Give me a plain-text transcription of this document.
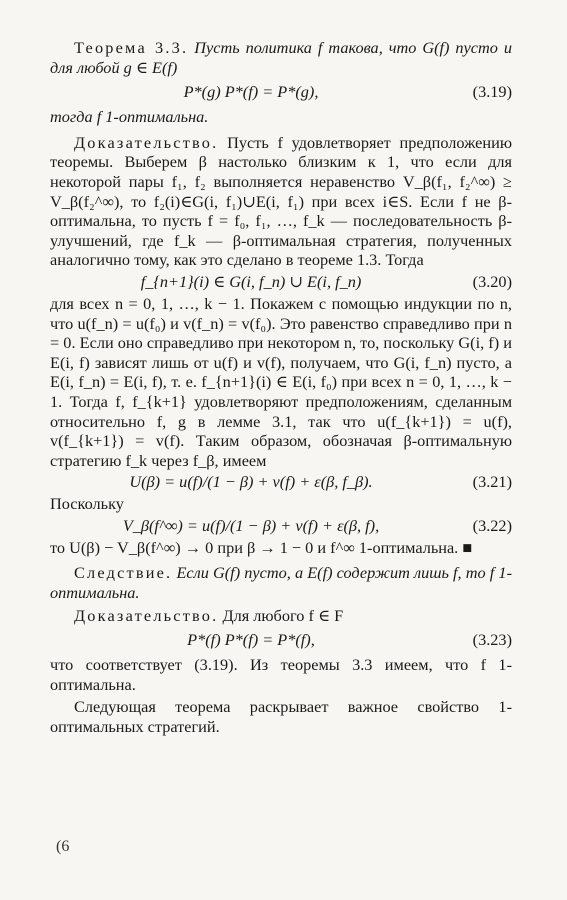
Теорема 3.3. Пусть политика f такова, что G(f) пусто и для любой g ∈ E(f)

P*(g) P*(f) = P*(g),	(3.19)

тогда f 1-оптимальна.

Доказательство. Пусть f удовлетворяет предположению теоремы. Выберем β настолько близким к 1, что если для некоторой пары f₁, f₂ выполняется неравенство V_β(f₁, f₂^∞) ≥ V_β(f₂^∞), то f₂(i)∈G(i, f₁)∪E(i, f₁) при всех i∈S. Если f не β-оптимальна, то пусть f = f₀, f₁, …, f_k — последовательность β-улучшений, где f_k — β-оптимальная стратегия, полученных аналогично тому, как это сделано в теореме 1.3. Тогда

f_{n+1}(i) ∈ G(i, f_n) ∪ E(i, f_n)	(3.20)

для всех n = 0, 1, …, k − 1. Покажем с помощью индукции по n, что u(f_n) = u(f₀) и v(f_n) = v(f₀). Это равенство справедливо при n = 0. Если оно справедливо при некотором n, то, поскольку G(i, f) и E(i, f) зависят лишь от u(f) и v(f), получаем, что G(i, f_n) пусто, а E(i, f_n) = E(i, f), т. е. f_{n+1}(i) ∈ E(i, f₀) при всех n = 0, 1, …, k − 1. Тогда f, f_{k+1} удовлетворяют предположениям, сделанным относительно f, g в лемме 3.1, так что u(f_{k+1}) = u(f), v(f_{k+1}) = v(f). Таким образом, обозначая β-оптимальную стратегию f_k через f_β, имеем

U(β) = u(f)/(1 − β) + v(f) + ε(β, f_β).	(3.21)

Поскольку

V_β(f^∞) = u(f)/(1 − β) + v(f) + ε(β, f),	(3.22)

то U(β) − V_β(f^∞) → 0 при β → 1 − 0 и f^∞ 1-оптимальна. ■

Следствие. Если G(f) пусто, а E(f) содержит лишь f, то f 1-оптимальна.

Доказательство. Для любого f ∈ F

P*(f) P*(f) = P*(f),	(3.23)

что соответствует (3.19). Из теоремы 3.3 имеем, что f 1-оптимальна.

Следующая теорема раскрывает важное свойство 1-оптимальных стратегий.

(6
